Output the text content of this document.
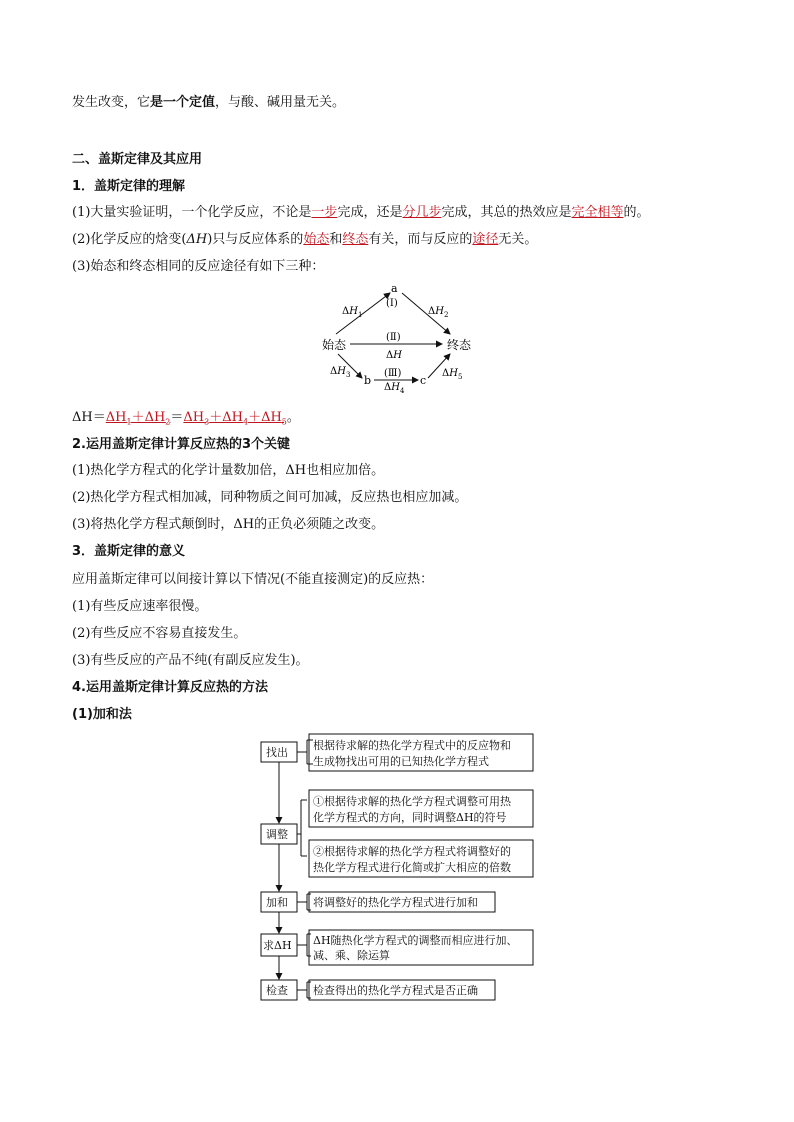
发生改变，它是一个定值，与酸、碱用量无关。
二、盖斯定律及其应用
1．盖斯定律的理解
(1)大量实验证明，一个化学反应，不论是一步完成，还是分几步完成，其总的热效应是完全相等的。
(2)化学反应的焓变(ΔH)只与反应体系的始态和终态有关，而与反应的途径无关。
(3)始态和终态相同的反应途径有如下三种：
a
(Ⅰ)
始态	终态
(Ⅱ)
b	c
(Ⅲ)
$\Delta H_1$	$\Delta H_2$
ΔH
$\Delta H_3$
$\Delta H_4$
$\Delta H_5$
$\Delta H=\Delta H_1+\Delta H_2=\Delta H_3+\Delta H_4+\Delta H_5$。
2.运用盖斯定律计算反应热的3个关键
(1)热化学方程式的化学计量数加倍，ΔH也相应加倍。
(2)热化学方程式相加减，同种物质之间可加减，反应热也相应加减。
(3)将热化学方程式颠倒时，ΔH的正负必须随之改变。
3．盖斯定律的意义
应用盖斯定律可以间接计算以下情况(不能直接测定)的反应热：
(1)有些反应速率很慢。
(2)有些反应不容易直接发生。
(3)有些反应的产品不纯(有副反应发生)。
4.运用盖斯定律计算反应热的方法
(1)加和法
找出
调整
加和
求ΔH
检查
根据待求解的热化学方程式中的反应物和
生成物找出可用的已知热化学方程式
①根据待求解的热化学方程式调整可用热
化学方程式的方向，同时调整ΔH的符号
②根据待求解的热化学方程式将调整好的
热化学方程式进行化简或扩大相应的倍数
将调整好的热化学方程式进行加和
ΔH随热化学方程式的调整而相应进行加、
减、乘、除运算
检查得出的热化学方程式是否正确
